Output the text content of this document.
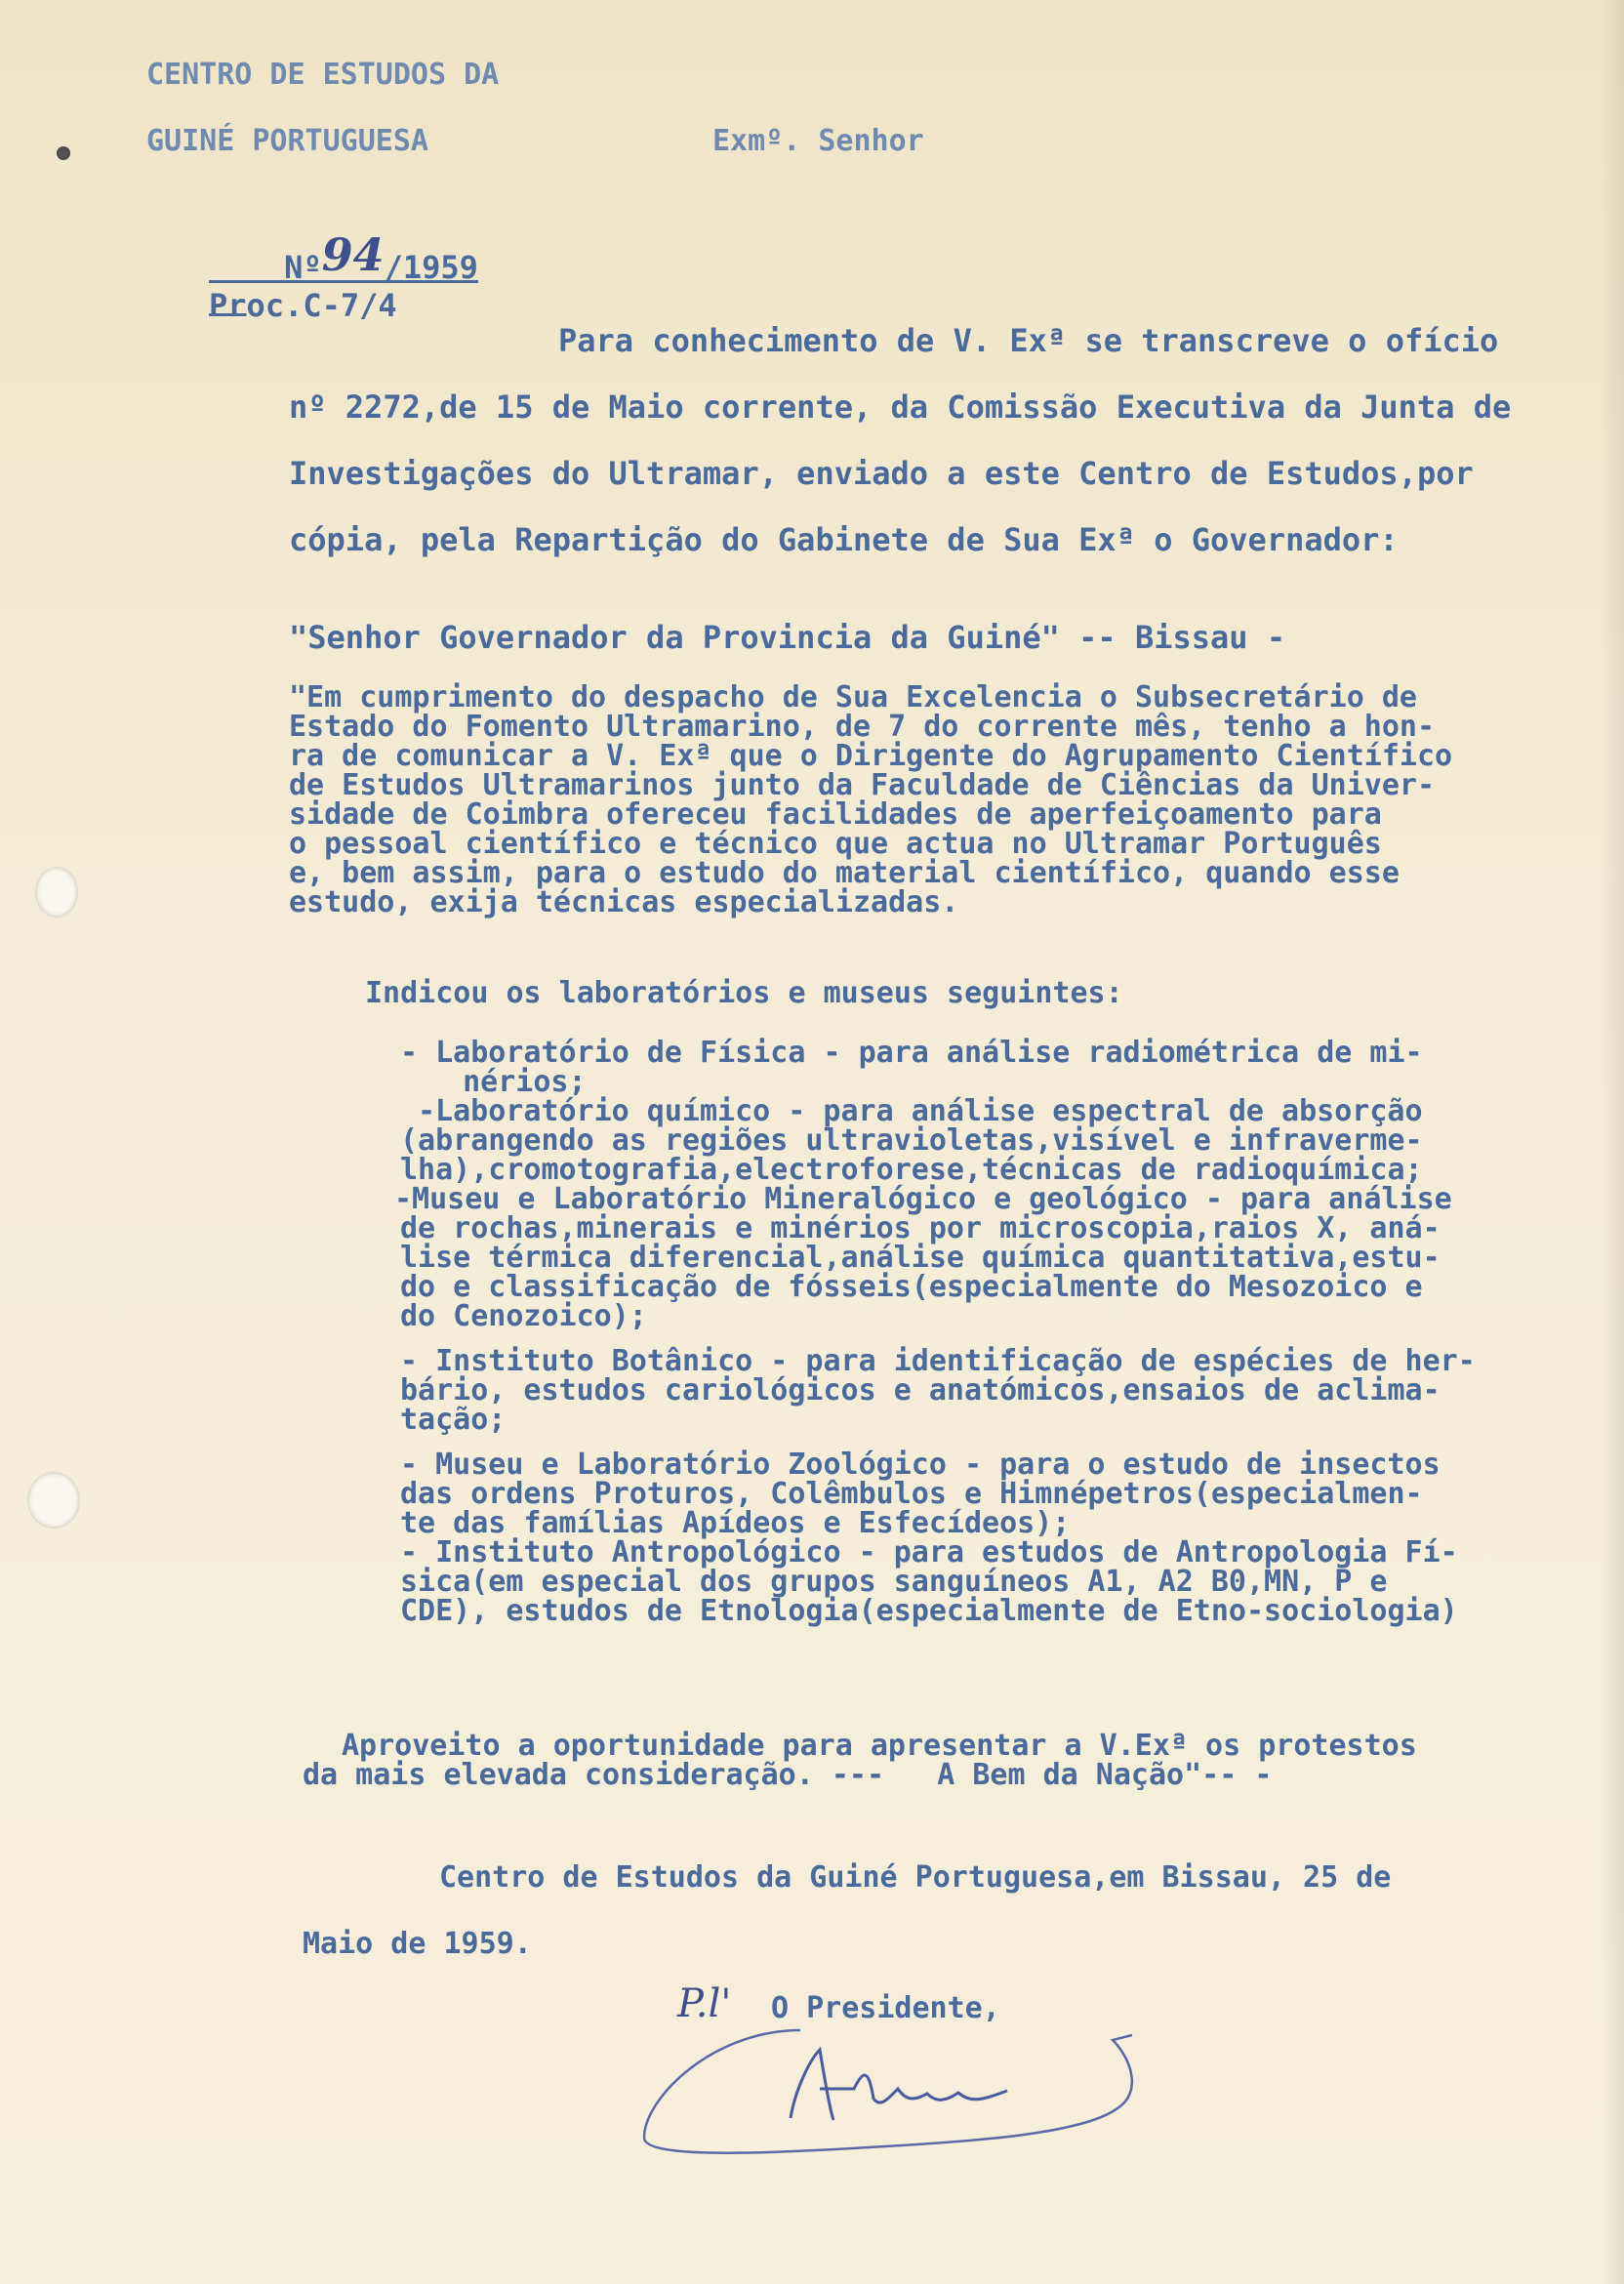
CENTRO DE ESTUDOS DA
GUINÉ PORTUGUESA	Exmº. Senhor

Nº94/1959

Proc.C-7/4
Para conhecimento de V. Exª se transcreve o ofício
nº 2272,de 15 de Maio corrente, da Comissão Executiva da Junta de
Investigações do Ultramar, enviado a este Centro de Estudos,por
cópia, pela Repartição do Gabinete de Sua Exª o Governador:
"Senhor Governador da Provincia da Guiné" -- Bissau -
"Em cumprimento do despacho de Sua Excelencia o Subsecretário de
Estado do Fomento Ultramarino, de 7 do corrente mês, tenho a hon-
ra de comunicar a V. Exª que o Dirigente do Agrupamento Científico
de Estudos Ultramarinos junto da Faculdade de Ciências da Univer-
sidade de Coimbra ofereceu facilidades de aperfeiçoamento para
o pessoal científico e técnico que actua no Ultramar Português
e, bem assim, para o estudo do material científico, quando esse
estudo, exija técnicas especializadas.
Indicou os laboratórios e museus seguintes:
- Laboratório de Física - para análise radiométrica de mi-
nérios;
-Laboratório químico - para análise espectral de absorção
(abrangendo as regiões ultravioletas,visível e infraverme-
lha),cromotografia,electroforese,técnicas de radioquímica;
-Museu e Laboratório Mineralógico e geológico - para análise
de rochas,minerais e minérios por microscopia,raios X, aná-
lise térmica diferencial,análise química quantitativa,estu-
do e classificação de fósseis(especialmente do Mesozoico e
do Cenozoico);
- Instituto Botânico - para identificação de espécies de her-
bário, estudos cariológicos e anatómicos,ensaios de aclima-
tação;
- Museu e Laboratório Zoológico - para o estudo de insectos
das ordens Proturos, Colêmbulos e Himnépetros(especialmen-
te das famílias Apídeos e Esfecídeos);
- Instituto Antropológico - para estudos de Antropologia Fí-
sica(em especial dos grupos sanguíneos A1, A2 B0,MN, P e
CDE), estudos de Etnologia(especialmente de Etno-sociologia)
Aproveito a oportunidade para apresentar a V.Exª os protestos
da mais elevada consideração. ---   A Bem da Nação"-- -
Centro de Estudos da Guiné Portuguesa,em Bissau, 25 de
Maio de 1959.
P.l' O Presidente,
A.Teixeira
